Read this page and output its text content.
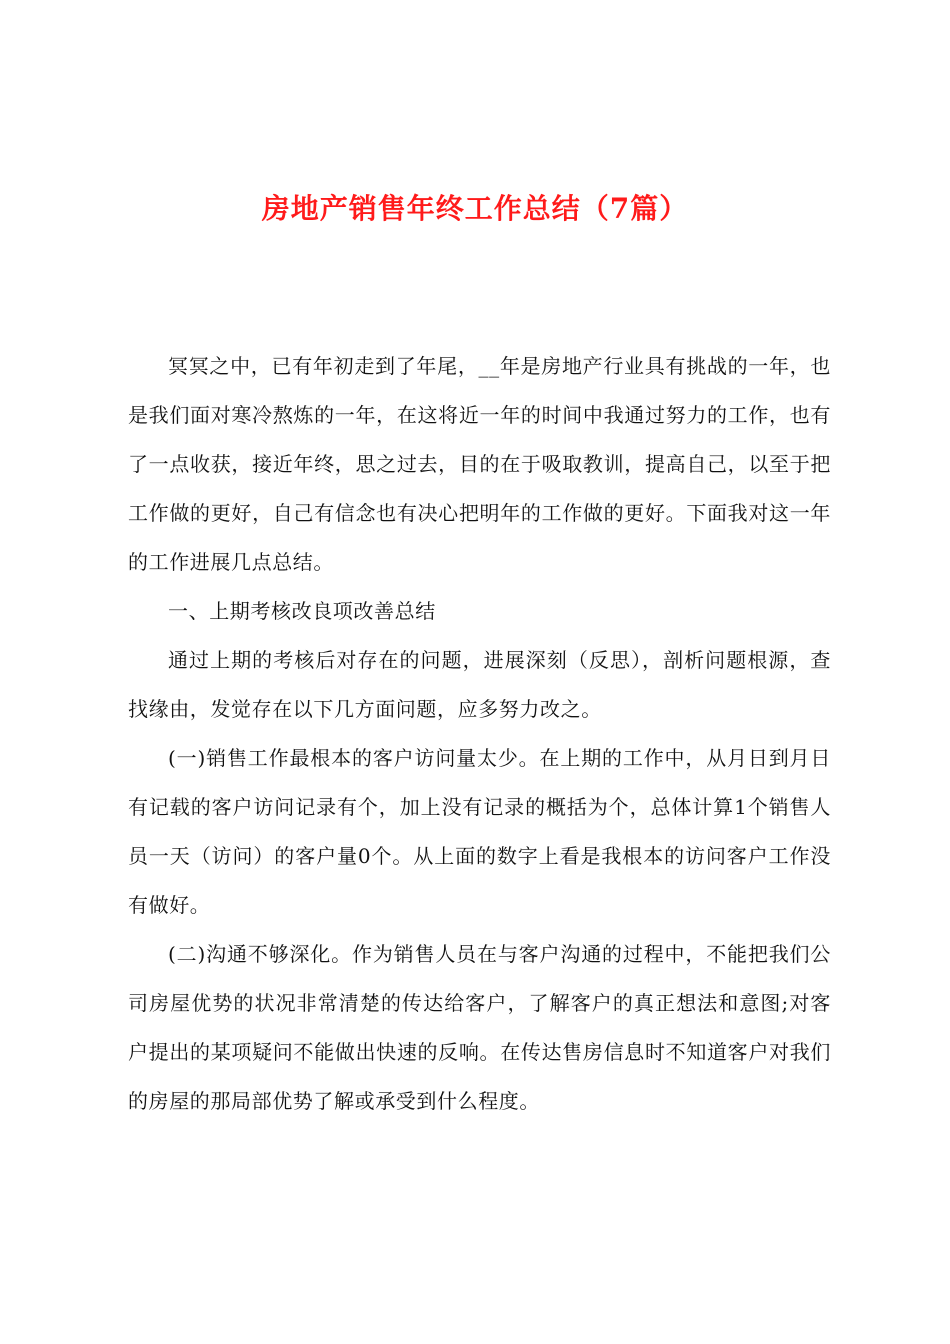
房地产销售年终工作总结（7篇）

冥冥之中，已有年初走到了年尾，__年是房地产行业具有挑战的一年，也是我们面对寒冷熬炼的一年，在这将近一年的时间中我通过努力的工作，也有了一点收获，接近年终，思之过去，目的在于吸取教训，提高自己，以至于把工作做的更好，自己有信念也有决心把明年的工作做的更好。下面我对这一年的工作进展几点总结。

一、上期考核改良项改善总结

通过上期的考核后对存在的问题，进展深刻（反思），剖析问题根源，查找缘由，发觉存在以下几方面问题，应多努力改之。

(一)销售工作最根本的客户访问量太少。在上期的工作中，从月日到月日有记载的客户访问记录有个，加上没有记录的概括为个，总体计算1个销售人员一天（访问）的客户量0个。从上面的数字上看是我根本的访问客户工作没有做好。

(二)沟通不够深化。作为销售人员在与客户沟通的过程中，不能把我们公司房屋优势的状况非常清楚的传达给客户，了解客户的真正想法和意图;对客户提出的某项疑问不能做出快速的反响。在传达售房信息时不知道客户对我们的房屋的那局部优势了解或承受到什么程度。
